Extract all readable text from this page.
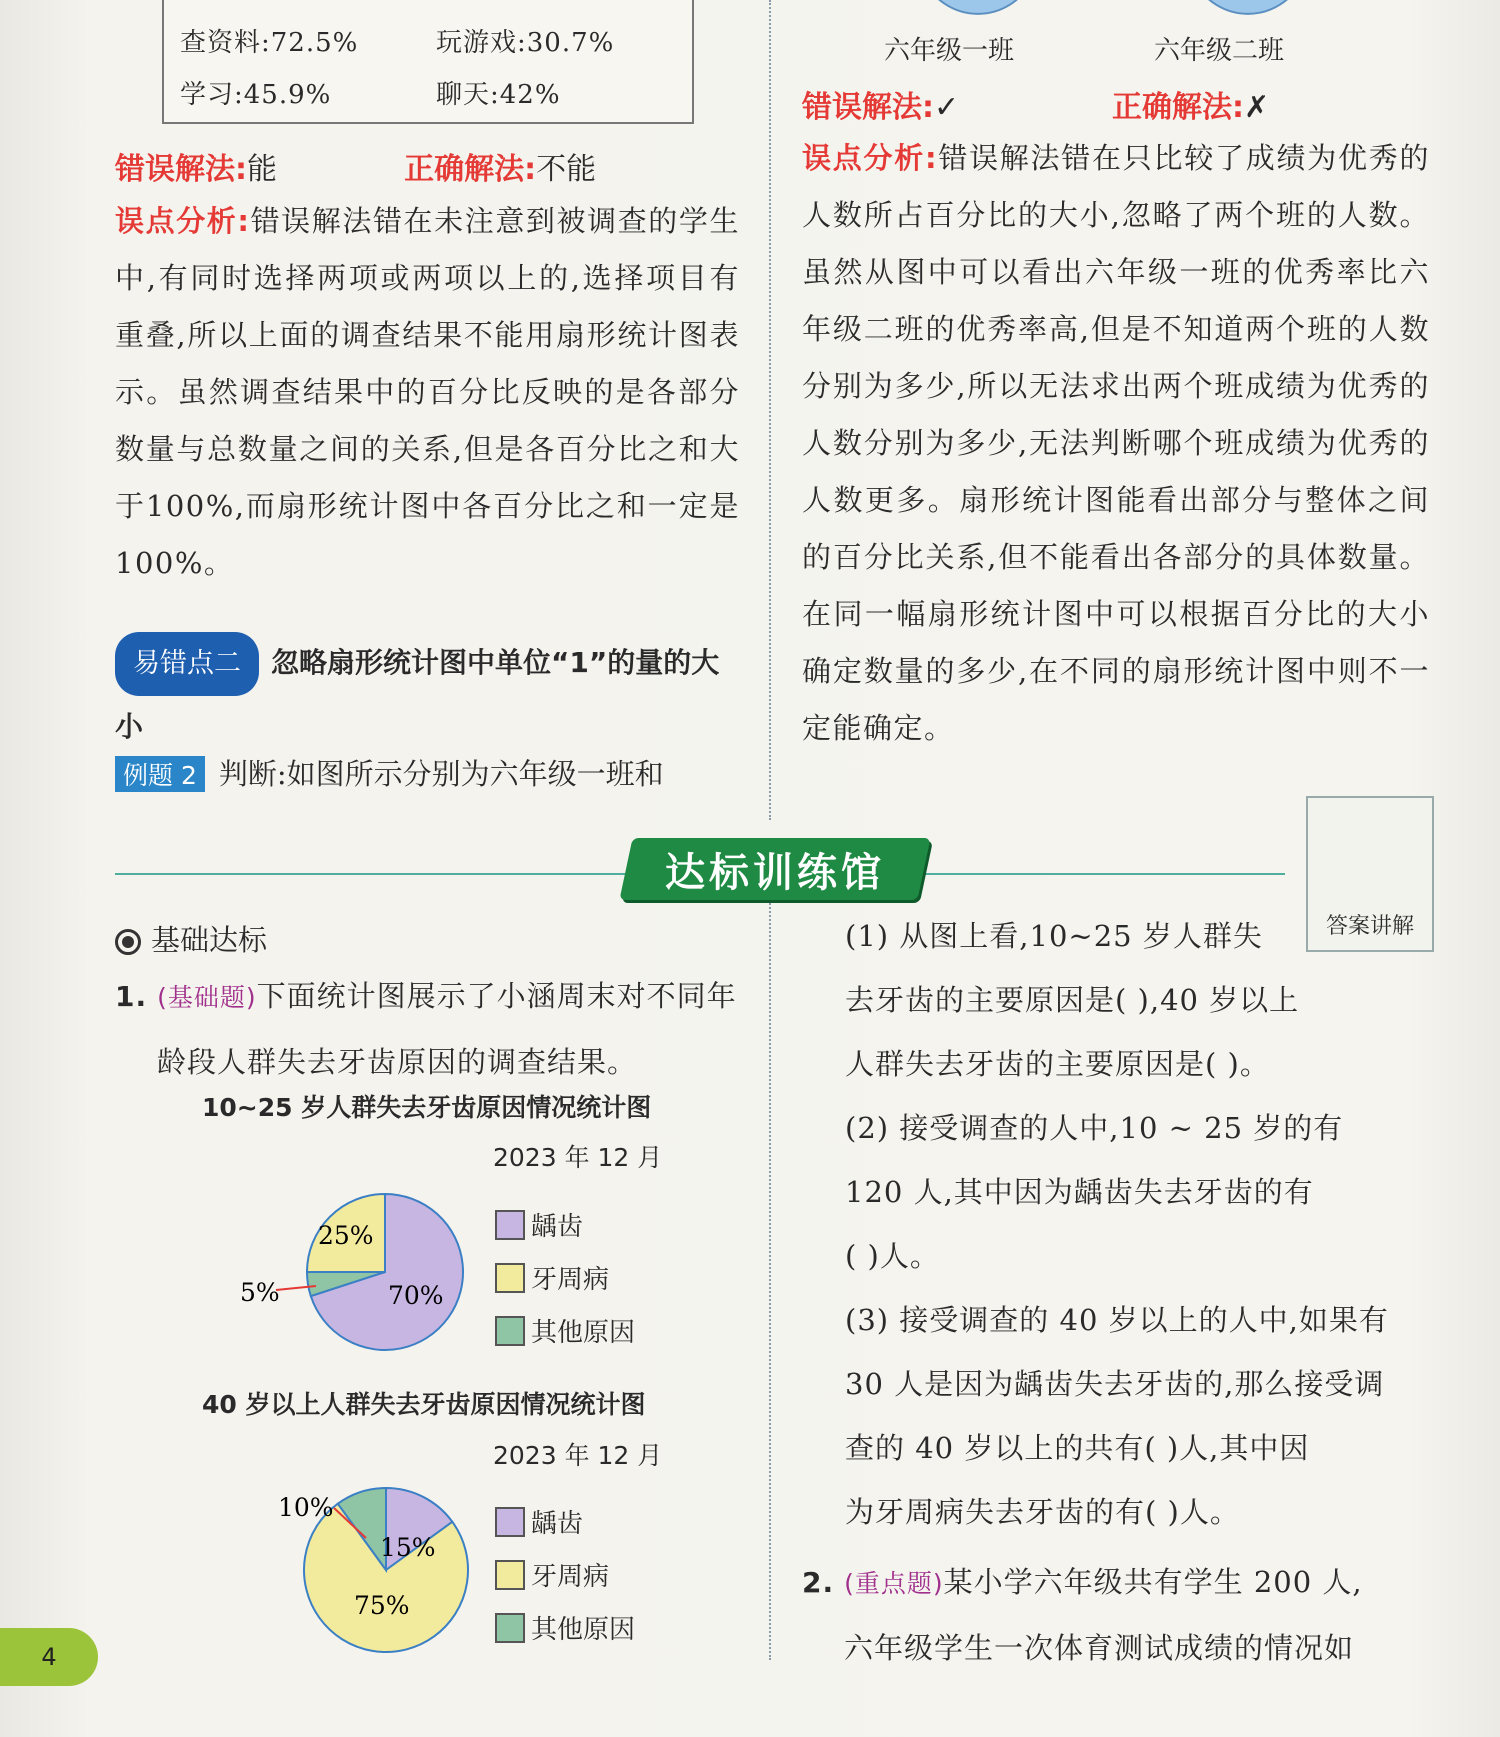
查资料:72.5%	玩游戏:30.7%
学习:45.9%	聊天:42%
错误解法:能	正确解法:不能

误点分析:错误解法错在未注意到被调查的学生中,有同时选择两项或两项以上的,选择项目有重叠,所以上面的调查结果不能用扇形统计图表示。虽然调查结果中的百分比反映的是各部分数量与总数量之间的关系,但是各百分比之和大于100%,而扇形统计图中各百分比之和一定是100%。

易错点二 忽略扇形统计图中单位“1”的量的大小
例题 2 判断:如图所示分别为六年级一班和
六年级一班	六年级二班
错误解法:✓	正确解法:✗

误点分析:错误解法错在只比较了成绩为优秀的人数所占百分比的大小,忽略了两个班的人数。虽然从图中可以看出六年级一班的优秀率比六年级二班的优秀率高,但是不知道两个班的人数分别为多少,所以无法求出两个班成绩为优秀的人数分别为多少,无法判断哪个班成绩为优秀的人数更多。扇形统计图能看出部分与整体之间的百分比关系,但不能看出各部分的具体数量。在同一幅扇形统计图中可以根据百分比的大小确定数量的多少,在不同的扇形统计图中则不一定能确定。

达标训练馆
答案讲解
基础达标

1. (基础题)下面统计图展示了小涵周末对不同年龄段人群失去牙齿原因的调查结果。

10~25 岁人群失去牙齿原因情况统计图
2023 年 12 月
25%
5%	70%
龋齿
牙周病
其他原因
40 岁以上人群失去牙齿原因情况统计图
2023 年 12 月
10%
15%
75%
龋齿
牙周病
其他原因

(1) 从图上看,10~25 岁人群失

去牙齿的主要原因是( ),40 岁以上

人群失去牙齿的主要原因是( )。

(2) 接受调查的人中,10 ~ 25 岁的有

120 人,其中因为龋齿失去牙齿的有

( )人。

(3) 接受调查的 40 岁以上的人中,如果有

30 人是因为龋齿失去牙齿的,那么接受调

查的 40 岁以上的共有( )人,其中因

为牙周病失去牙齿的有( )人。

2. (重点题)某小学六年级共有学生 200 人,

六年级学生一次体育测试成绩的情况如

4
